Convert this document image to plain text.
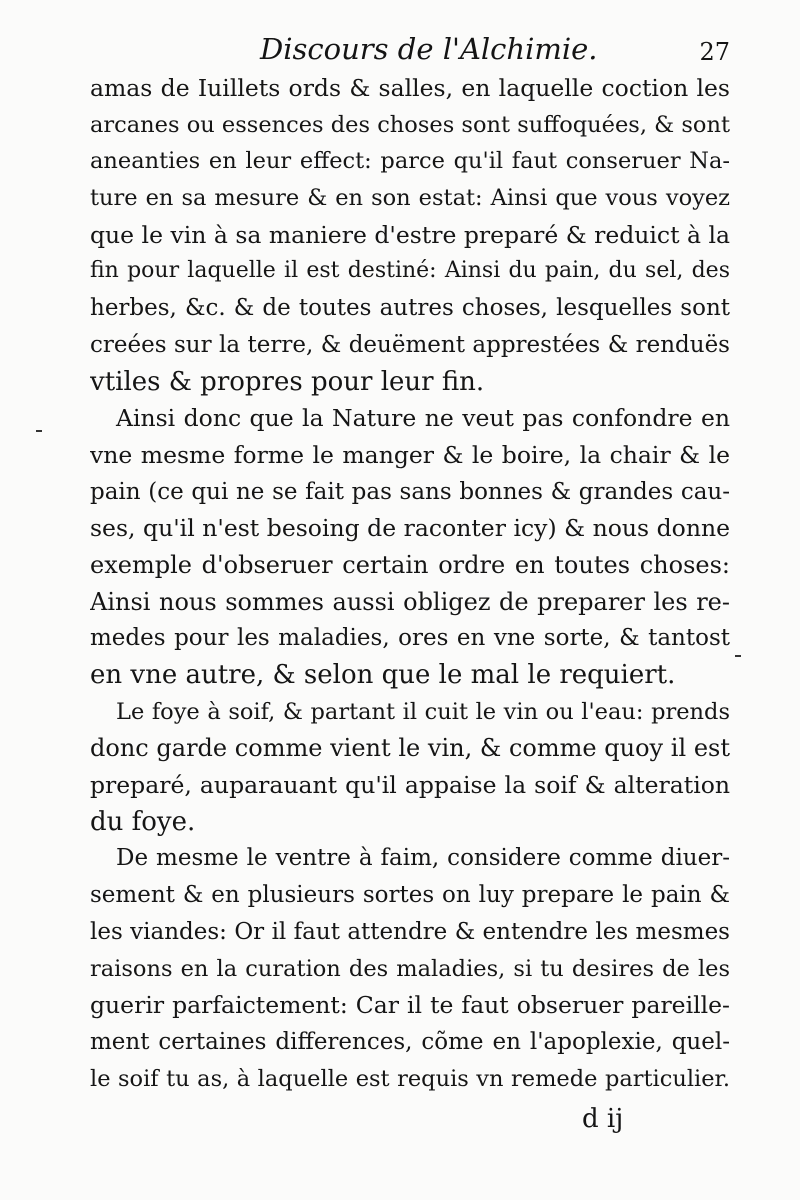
Discours de l'Alchimie.	27
amas de Iuillets ords & salles, en laquelle coction les
arcanes ou essences des choses sont suffoquées, & sont
aneanties en leur effect: parce qu'il faut conseruer Na-
ture en sa mesure & en son estat: Ainsi que vous voyez
que le vin à sa maniere d'estre preparé & reduict à la
fin pour laquelle il est destiné: Ainsi du pain, du sel, des
herbes, &c. & de toutes autres choses, lesquelles sont
creées sur la terre, & deuëment apprestées & renduës
vtiles & propres pour leur fin.
Ainsi donc que la Nature ne veut pas confondre en
vne mesme forme le manger & le boire, la chair & le
pain (ce qui ne se fait pas sans bonnes & grandes cau-
ses, qu'il n'est besoing de raconter icy) & nous donne
exemple d'obseruer certain ordre en toutes choses:
Ainsi nous sommes aussi obligez de preparer les re-
medes pour les maladies, ores en vne sorte, & tantost
en vne autre, & selon que le mal le requiert.
Le foye à soif, & partant il cuit le vin ou l'eau: prends
donc garde comme vient le vin, & comme quoy il est
preparé, auparauant qu'il appaise la soif & alteration
du foye.
De mesme le ventre à faim, considere comme diuer-
sement & en plusieurs sortes on luy prepare le pain &
les viandes: Or il faut attendre & entendre les mesmes
raisons en la curation des maladies, si tu desires de les
guerir parfaictement: Car il te faut obseruer pareille-
ment certaines differences, cõme en l'apoplexie, quel-
le soif tu as, à laquelle est requis vn remede particulier.
d ij
